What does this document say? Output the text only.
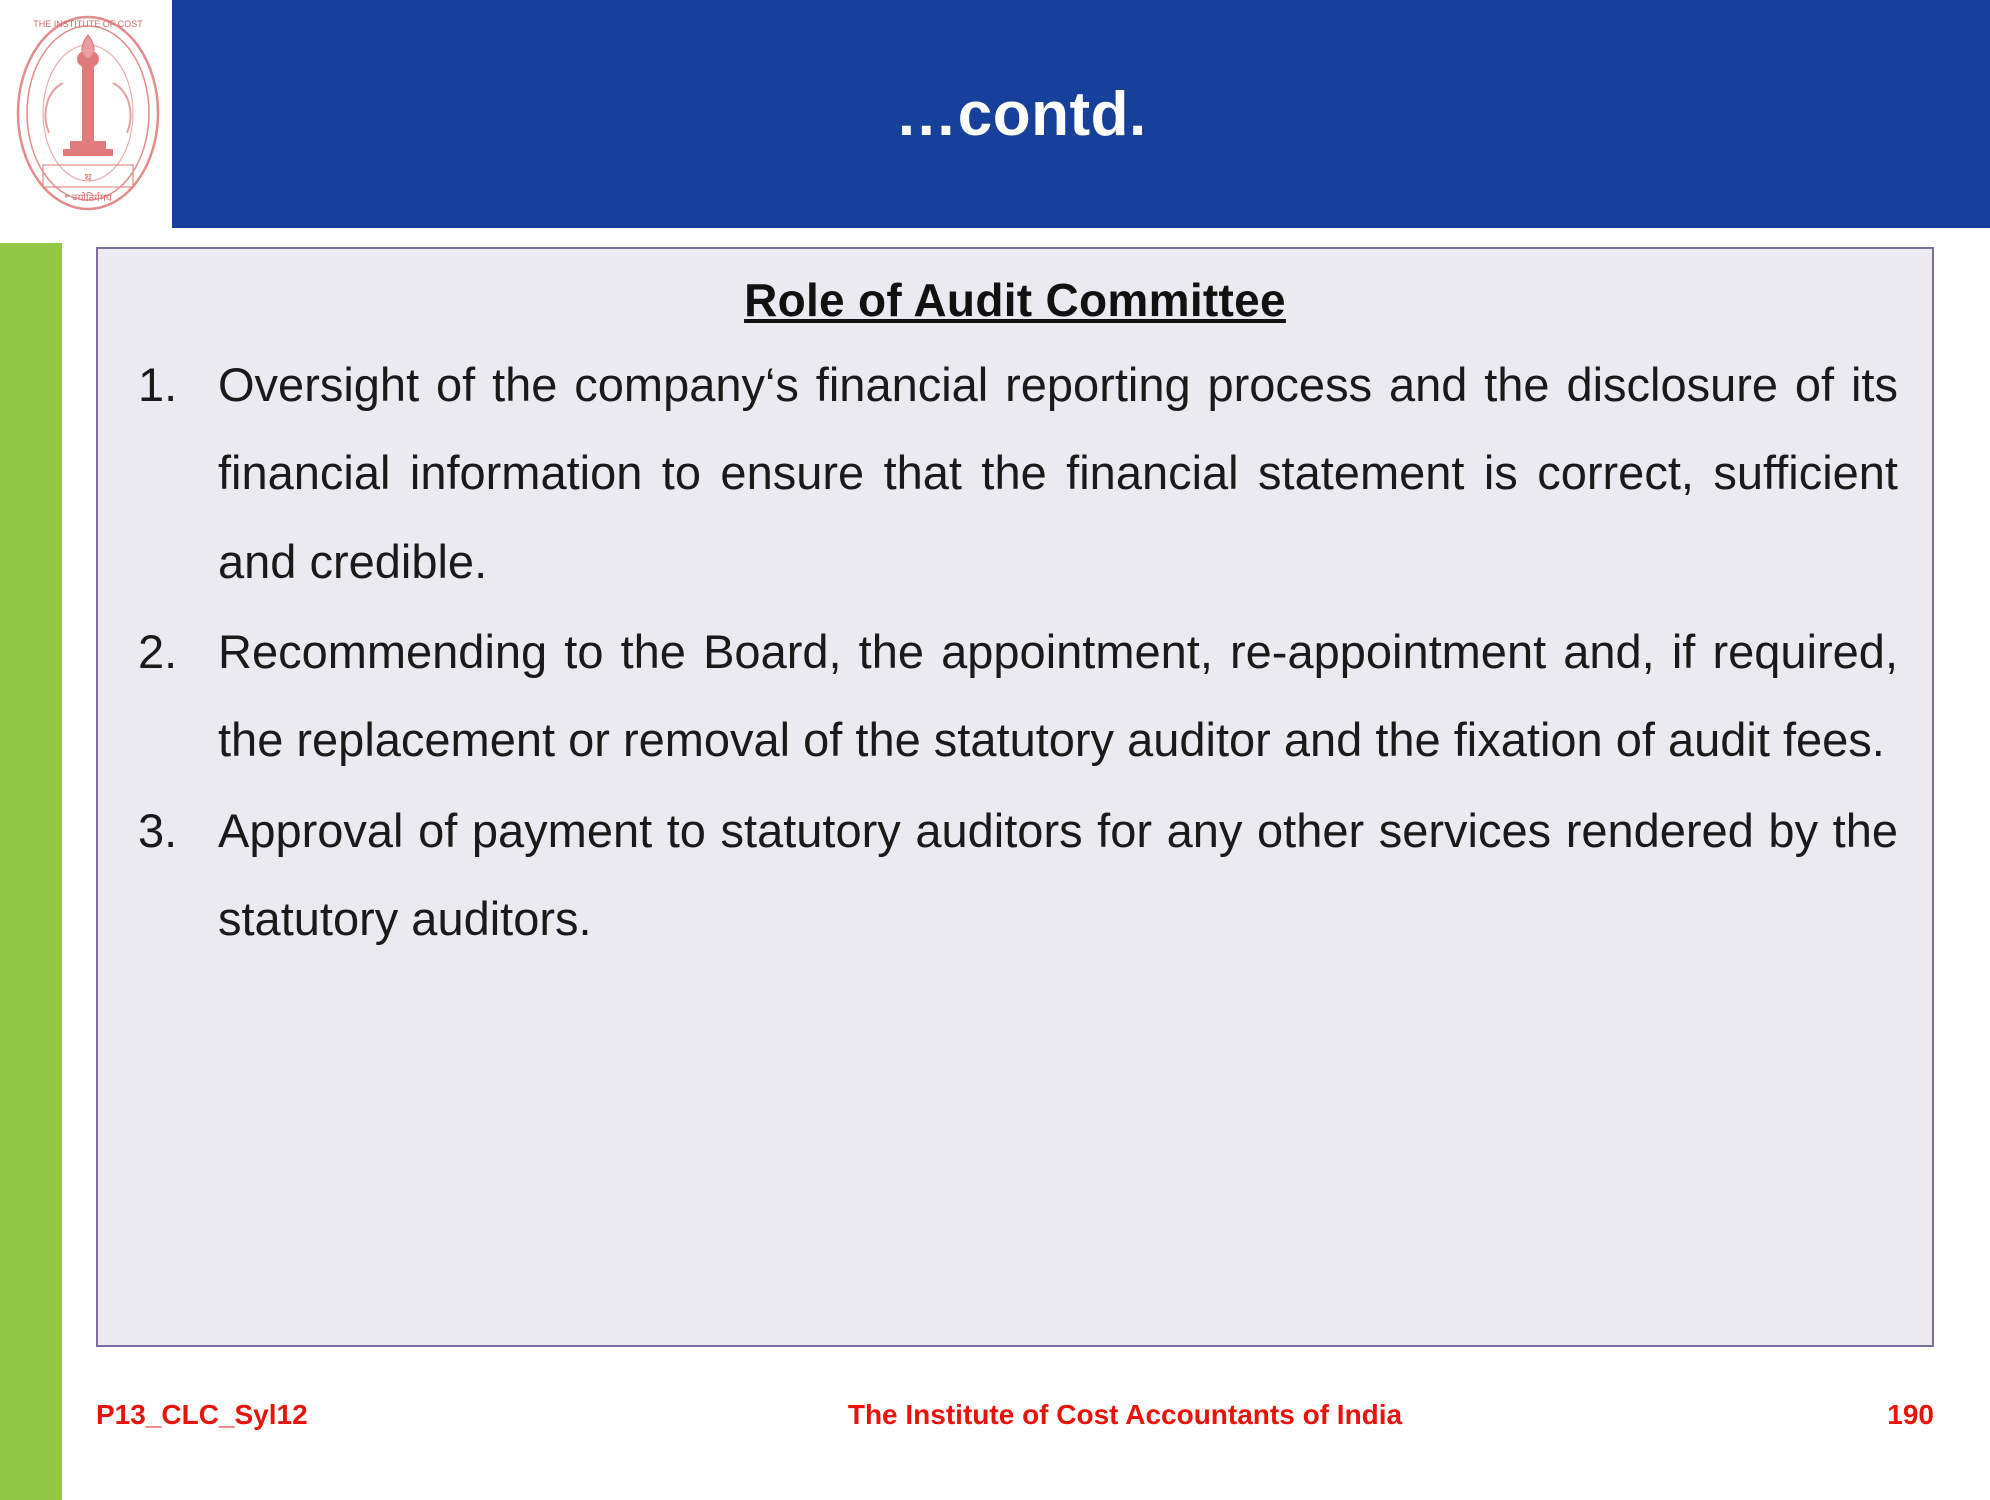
…contd.
थ
* ज्योतिर्गमय
THE INSTITUTE OF COST
Role of Audit Committee
1. Oversight of the company‘s financial reporting process and the disclosure of its financial information to ensure that the financial statement is correct, sufficient and credible.
2. Recommending to the Board, the appointment, re-appointment and, if required, the replacement or removal of the statutory auditor and the fixation of audit fees.
3. Approval of payment to statutory auditors for any other services rendered by the statutory auditors.
P13_CLC_Syl12	The Institute of Cost Accountants of India	190
